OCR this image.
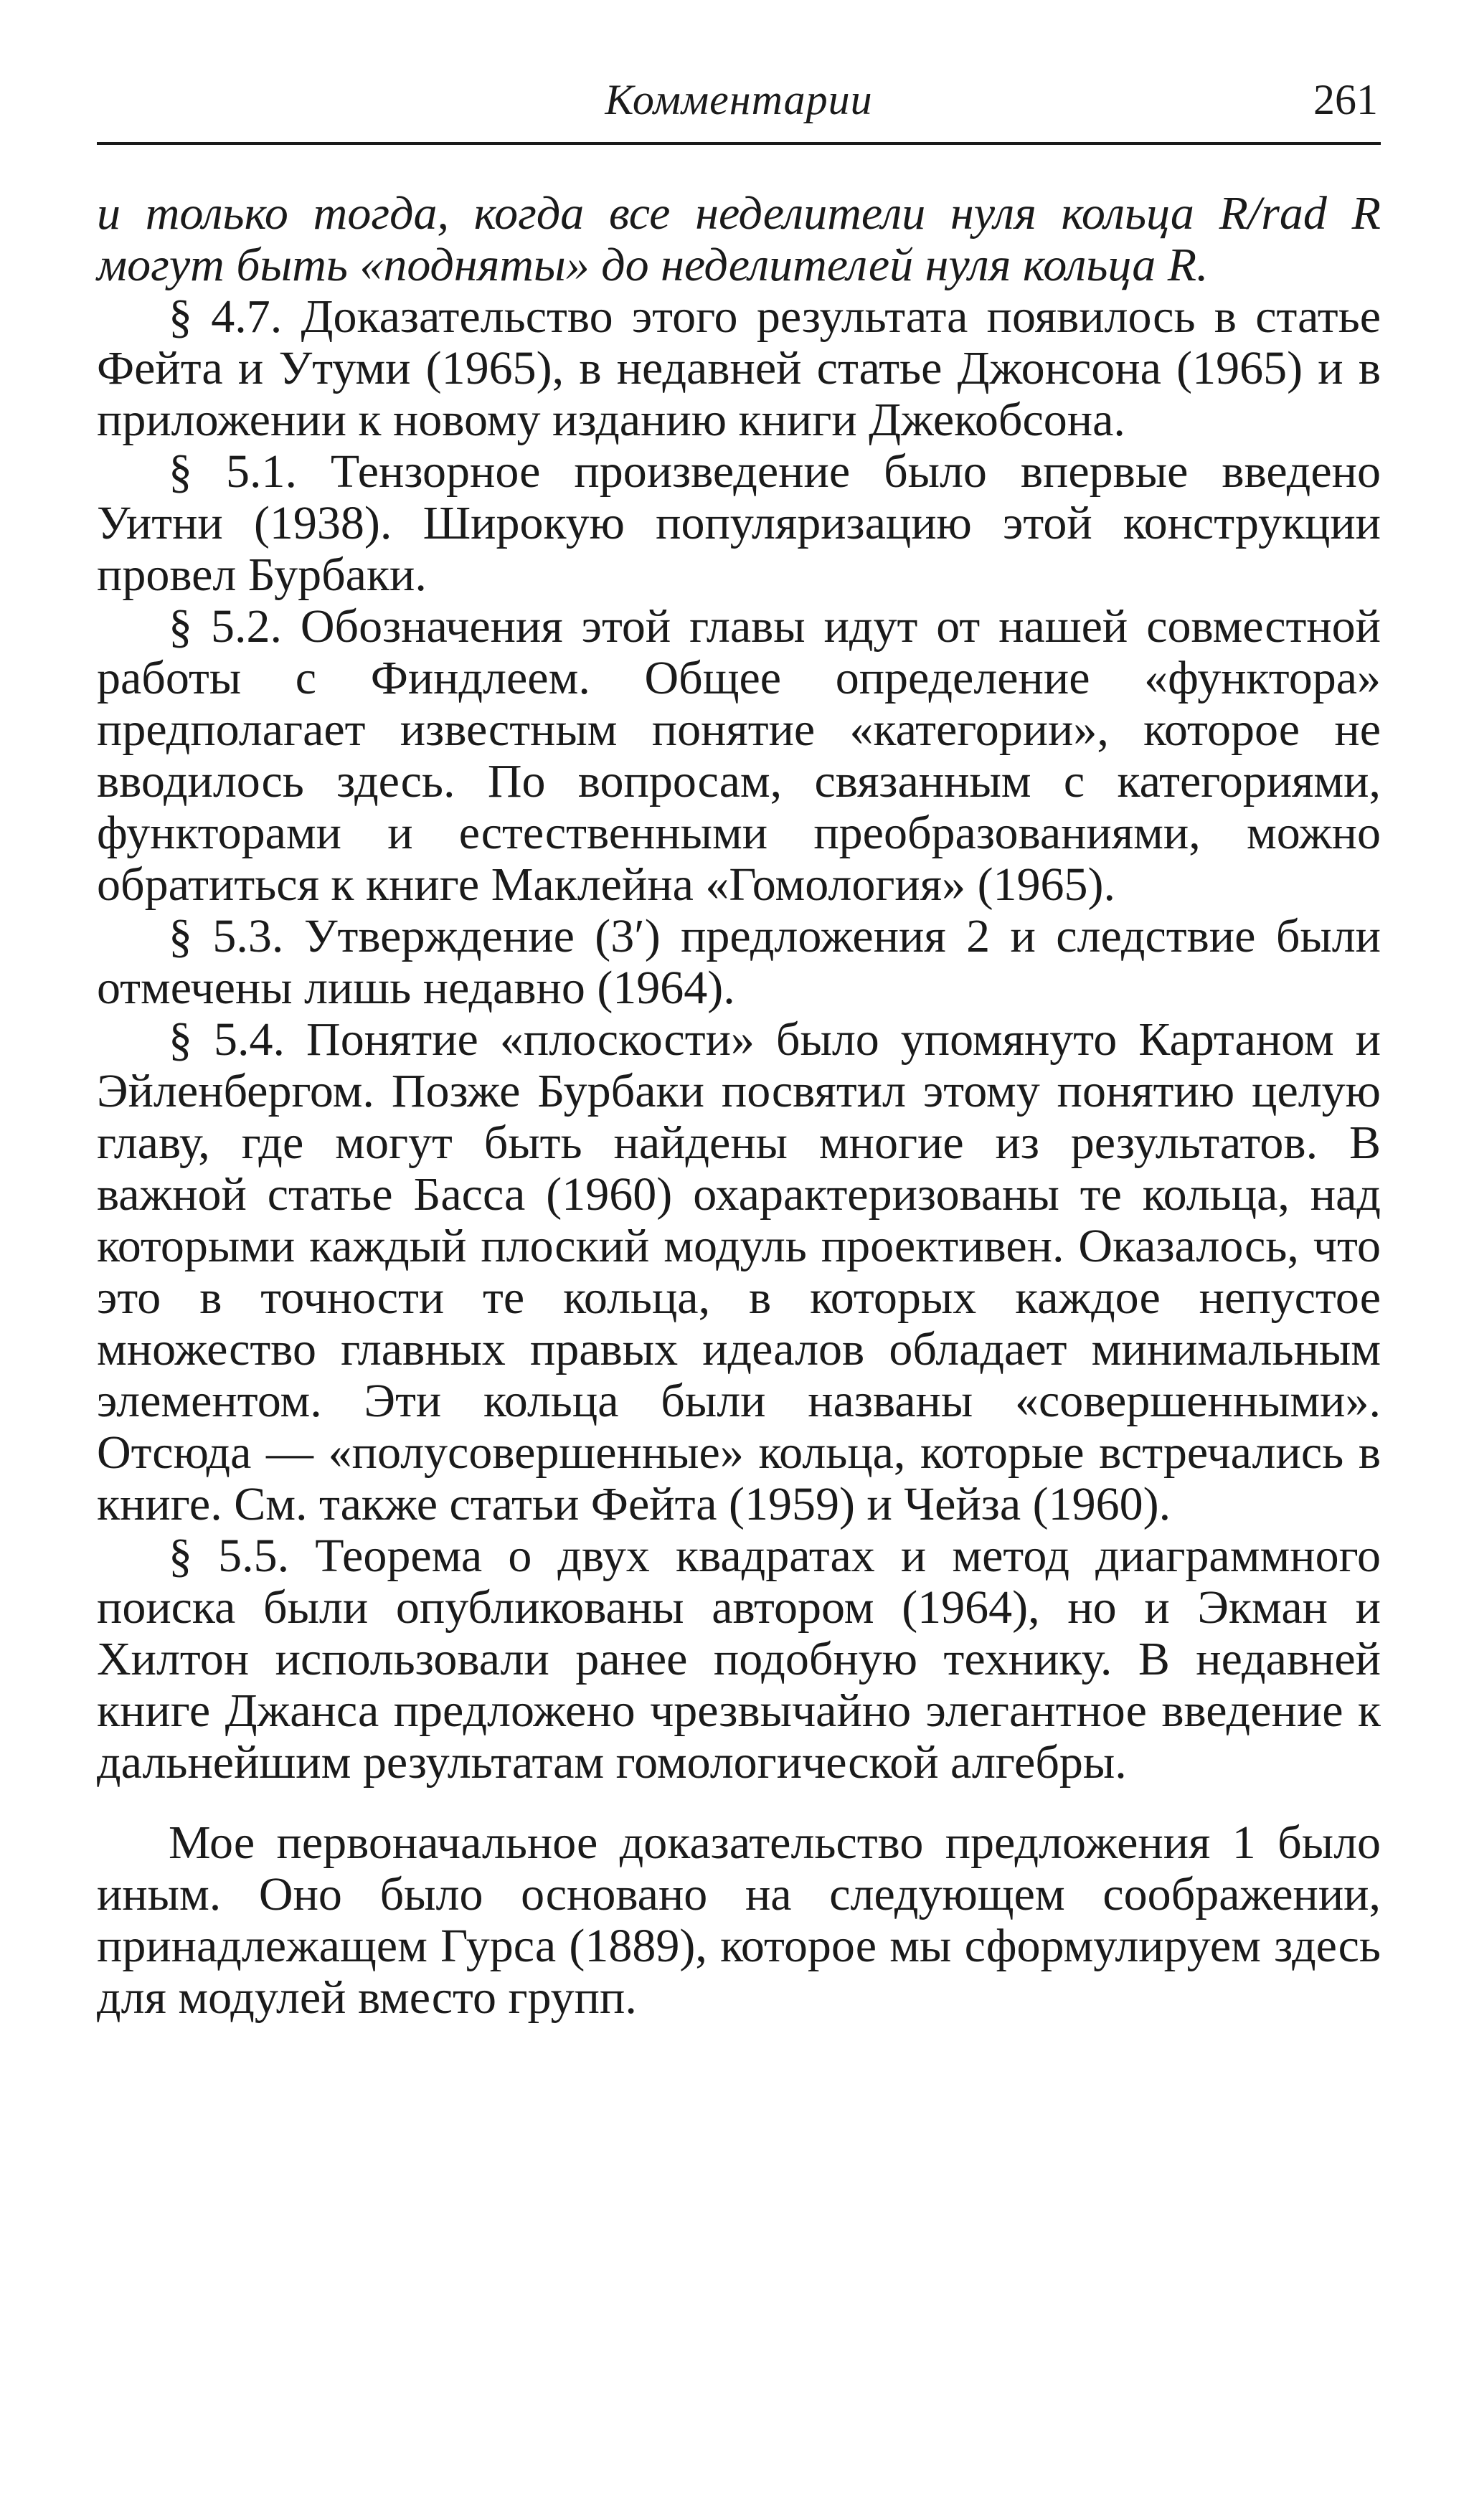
Комментарии	261

и только тогда, когда все неделители нуля кольца R/rad R могут быть «подняты» до неделителей нуля кольца R.

§ 4.7. Доказательство этого результата появилось в статье Фейта и Утуми (1965), в недавней статье Джонсона (1965) и в приложении к новому изданию книги Джекобсона.

§ 5.1. Тензорное произведение было впервые введено Уитни (1938). Широкую популяризацию этой конструкции провел Бурбаки.

§ 5.2. Обозначения этой главы идут от нашей совместной работы с Финдлеем. Общее определение «функтора» предполагает известным понятие «категории», которое не вводилось здесь. По вопросам, связанным с категориями, функторами и естественными преобразованиями, можно обратиться к книге Маклейна «Гомология» (1965).

§ 5.3. Утверждение (3′) предложения 2 и следствие были отмечены лишь недавно (1964).

§ 5.4. Понятие «плоскости» было упомянуто Картаном и Эйленбергом. Позже Бурбаки посвятил этому понятию целую главу, где могут быть найдены многие из результатов. В важной статье Басса (1960) охарактеризованы те кольца, над которыми каждый плоский модуль проективен. Оказалось, что это в точности те кольца, в которых каждое непустое множество главных правых идеалов обладает минимальным элементом. Эти кольца были названы «совершенными». Отсюда — «полусовершенные» кольца, которые встречались в книге. См. также статьи Фейта (1959) и Чейза (1960).

§ 5.5. Теорема о двух квадратах и метод диаграммного поиска были опубликованы автором (1964), но и Экман и Хилтон использовали ранее подобную технику. В недавней книге Джанса предложено чрезвычайно элегантное введение к дальнейшим результатам гомологической алгебры.

Мое первоначальное доказательство предложения 1 было иным. Оно было основано на следующем соображении, принадлежащем Гурса (1889), которое мы сформулируем здесь для модулей вместо групп.
